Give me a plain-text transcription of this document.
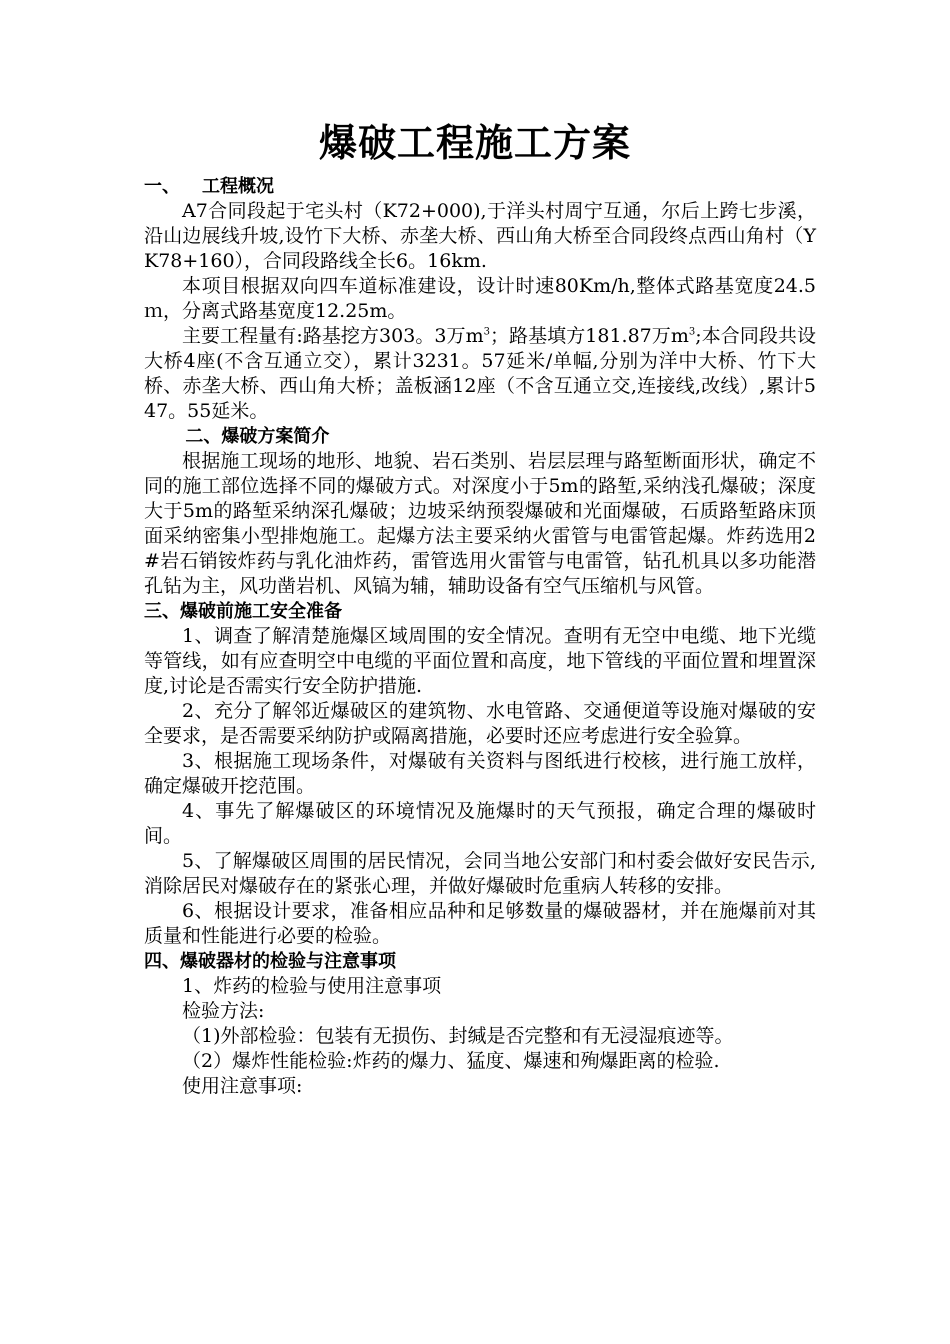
爆破工程施工方案

一、 工程概况

A7合同段起于宅头村（K72+000),于洋头村周宁互通，尔后上跨七步溪，沿山边展线升坡,设竹下大桥、赤垄大桥、西山角大桥至合同段终点西山角村（YK78+160），合同段路线全长6。16km.

本项目根据双向四车道标准建设，设计时速80Km/h,整体式路基宽度24.5ｍ，分离式路基宽度12.25m。

主要工程量有:路基挖方303。3万$m^3$；路基填方181.87万$m^3$;本合同段共设大桥4座(不含互通立交），累计3231。57延米/单幅,分别为洋中大桥、竹下大桥、赤垄大桥、西山角大桥；盖板涵12座（不含互通立交,连接线,改线）,累计547。55延米。

二、爆破方案简介

根据施工现场的地形、地貌、岩石类别、岩层层理与路堑断面形状，确定不同的施工部位选择不同的爆破方式。对深度小于5m的路堑,采纳浅孔爆破；深度大于5m的路堑采纳深孔爆破；边坡采纳预裂爆破和光面爆破，石质路堑路床顶面采纳密集小型排炮施工。起爆方法主要采纳火雷管与电雷管起爆。炸药选用2#岩石销铵炸药与乳化油炸药，雷管选用火雷管与电雷管，钻孔机具以多功能潜孔钻为主，风功凿岩机、风镐为辅，辅助设备有空气压缩机与风管。

三、爆破前施工安全准备

1、调查了解清楚施爆区域周围的安全情况。查明有无空中电缆、地下光缆等管线，如有应查明空中电缆的平面位置和高度，地下管线的平面位置和埋置深度,讨论是否需实行安全防护措施.

2、充分了解邻近爆破区的建筑物、水电管路、交通便道等设施对爆破的安全要求，是否需要采纳防护或隔离措施，必要时还应考虑进行安全验算。

3、根据施工现场条件，对爆破有关资料与图纸进行校核，进行施工放样，确定爆破开挖范围。

4、事先了解爆破区的环境情况及施爆时的天气预报，确定合理的爆破时间。

5、了解爆破区周围的居民情况，会同当地公安部门和村委会做好安民告示,消除居民对爆破存在的紧张心理，并做好爆破时危重病人转移的安排。

6、根据设计要求，准备相应品种和足够数量的爆破器材，并在施爆前对其质量和性能进行必要的检验。

四、爆破器材的检验与注意事项

1、炸药的检验与使用注意事项

检验方法:

（1)外部检验：包装有无损伤、封缄是否完整和有无浸湿痕迹等。

（2）爆炸性能检验:炸药的爆力、猛度、爆速和殉爆距离的检验.

使用注意事项:
